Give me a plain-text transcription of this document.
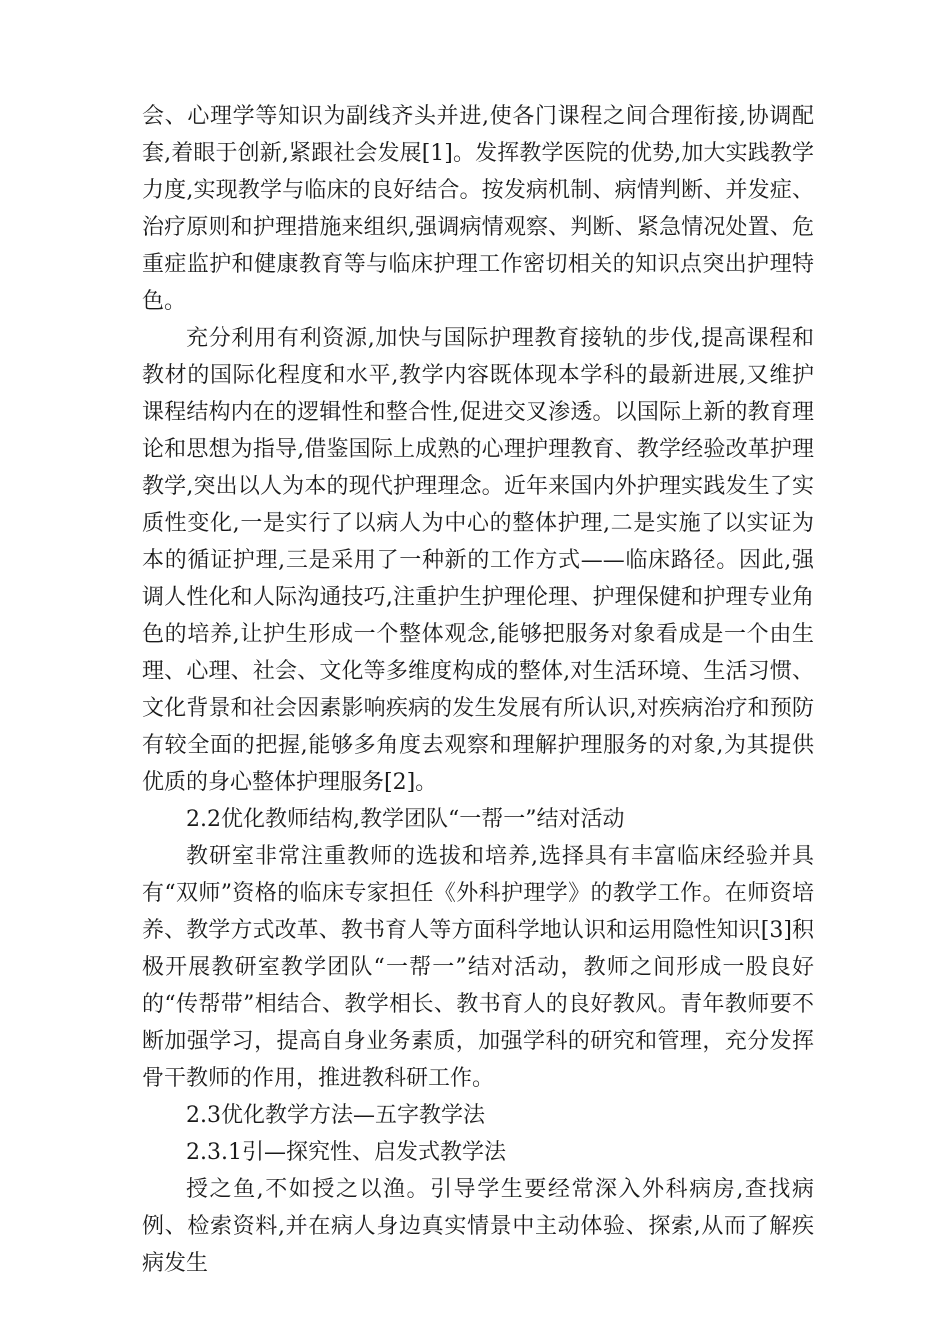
会、心理学等知识为副线齐头并进,使各门课程之间合理衔接,协调配套,着眼于创新,紧跟社会发展[1]。发挥教学医院的优势,加大实践教学力度,实现教学与临床的良好结合。按发病机制、病情判断、并发症、治疗原则和护理措施来组织,强调病情观察、判断、紧急情况处置、危重症监护和健康教育等与临床护理工作密切相关的知识点突出护理特色。

充分利用有利资源,加快与国际护理教育接轨的步伐,提高课程和教材的国际化程度和水平,教学内容既体现本学科的最新进展,又维护课程结构内在的逻辑性和整合性,促进交叉渗透。以国际上新的教育理论和思想为指导,借鉴国际上成熟的心理护理教育、教学经验改革护理教学,突出以人为本的现代护理理念。近年来国内外护理实践发生了实质性变化,一是实行了以病人为中心的整体护理,二是实施了以实证为本的循证护理,三是采用了一种新的工作方式——临床路径。因此,强调人性化和人际沟通技巧,注重护生护理伦理、护理保健和护理专业角色的培养,让护生形成一个整体观念,能够把服务对象看成是一个由生理、心理、社会、文化等多维度构成的整体,对生活环境、生活习惯、文化背景和社会因素影响疾病的发生发展有所认识,对疾病治疗和预防有较全面的把握,能够多角度去观察和理解护理服务的对象,为其提供优质的身心整体护理服务[2]。

2.2优化教师结构,教学团队“一帮一”结对活动

教研室非常注重教师的选拔和培养,选择具有丰富临床经验并具有“双师”资格的临床专家担任《外科护理学》的教学工作。在师资培养、教学方式改革、教书育人等方面科学地认识和运用隐性知识[3]积极开展教研室教学团队“一帮一”结对活动，教师之间形成一股良好的“传帮带”相结合、教学相长、教书育人的良好教风。青年教师要不断加强学习，提高自身业务素质，加强学科的研究和管理，充分发挥骨干教师的作用，推进教科研工作。

2.3优化教学方法—五字教学法

2.3.1引—探究性、启发式教学法

授之鱼,不如授之以渔。引导学生要经常深入外科病房,查找病例、检索资料,并在病人身边真实情景中主动体验、探索,从而了解疾病发生
